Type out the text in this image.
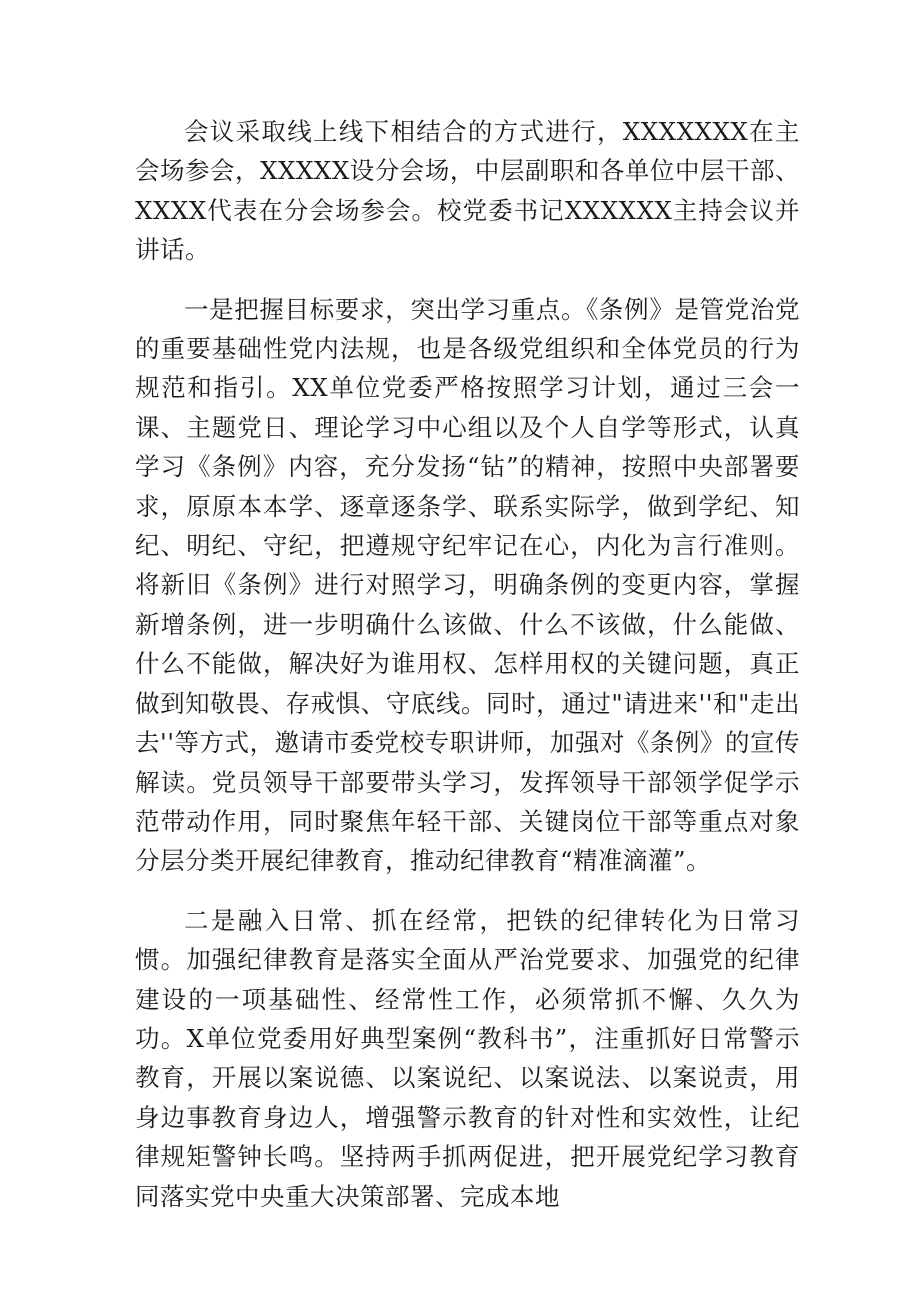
会议采取线上线下相结合的方式进行，XXXXXXX在主会场参会，XXXXX设分会场，中层副职和各单位中层干部、XXXX代表在分会场参会。校党委书记XXXXXX主持会议并讲话。

一是把握目标要求，突出学习重点。《条例》是管党治党的重要基础性党内法规，也是各级党组织和全体党员的行为规范和指引。XX单位党委严格按照学习计划，通过三会一课、主题党日、理论学习中心组以及个人自学等形式，认真学习《条例》内容，充分发扬“钻”的精神，按照中央部署要求，原原本本学、逐章逐条学、联系实际学，做到学纪、知纪、明纪、守纪，把遵规守纪牢记在心，内化为言行准则。将新旧《条例》进行对照学习，明确条例的变更内容，掌握新增条例，进一步明确什么该做、什么不该做，什么能做、什么不能做，解决好为谁用权、怎样用权的关键问题，真正做到知敬畏、存戒惧、守底线。同时，通过"请进来''和"走出去''等方式，邀请市委党校专职讲师，加强对《条例》的宣传解读。党员领导干部要带头学习，发挥领导干部领学促学示范带动作用，同时聚焦年轻干部、关键岗位干部等重点对象分层分类开展纪律教育，推动纪律教育“精准滴灌”。

二是融入日常、抓在经常，把铁的纪律转化为日常习惯。加强纪律教育是落实全面从严治党要求、加强党的纪律建设的一项基础性、经常性工作，必须常抓不懈、久久为功。X单位党委用好典型案例“教科书”，注重抓好日常警示教育，开展以案说德、以案说纪、以案说法、以案说责，用身边事教育身边人，增强警示教育的针对性和实效性，让纪律规矩警钟长鸣。坚持两手抓两促进，把开展党纪学习教育同落实党中央重大决策部署、完成本地
